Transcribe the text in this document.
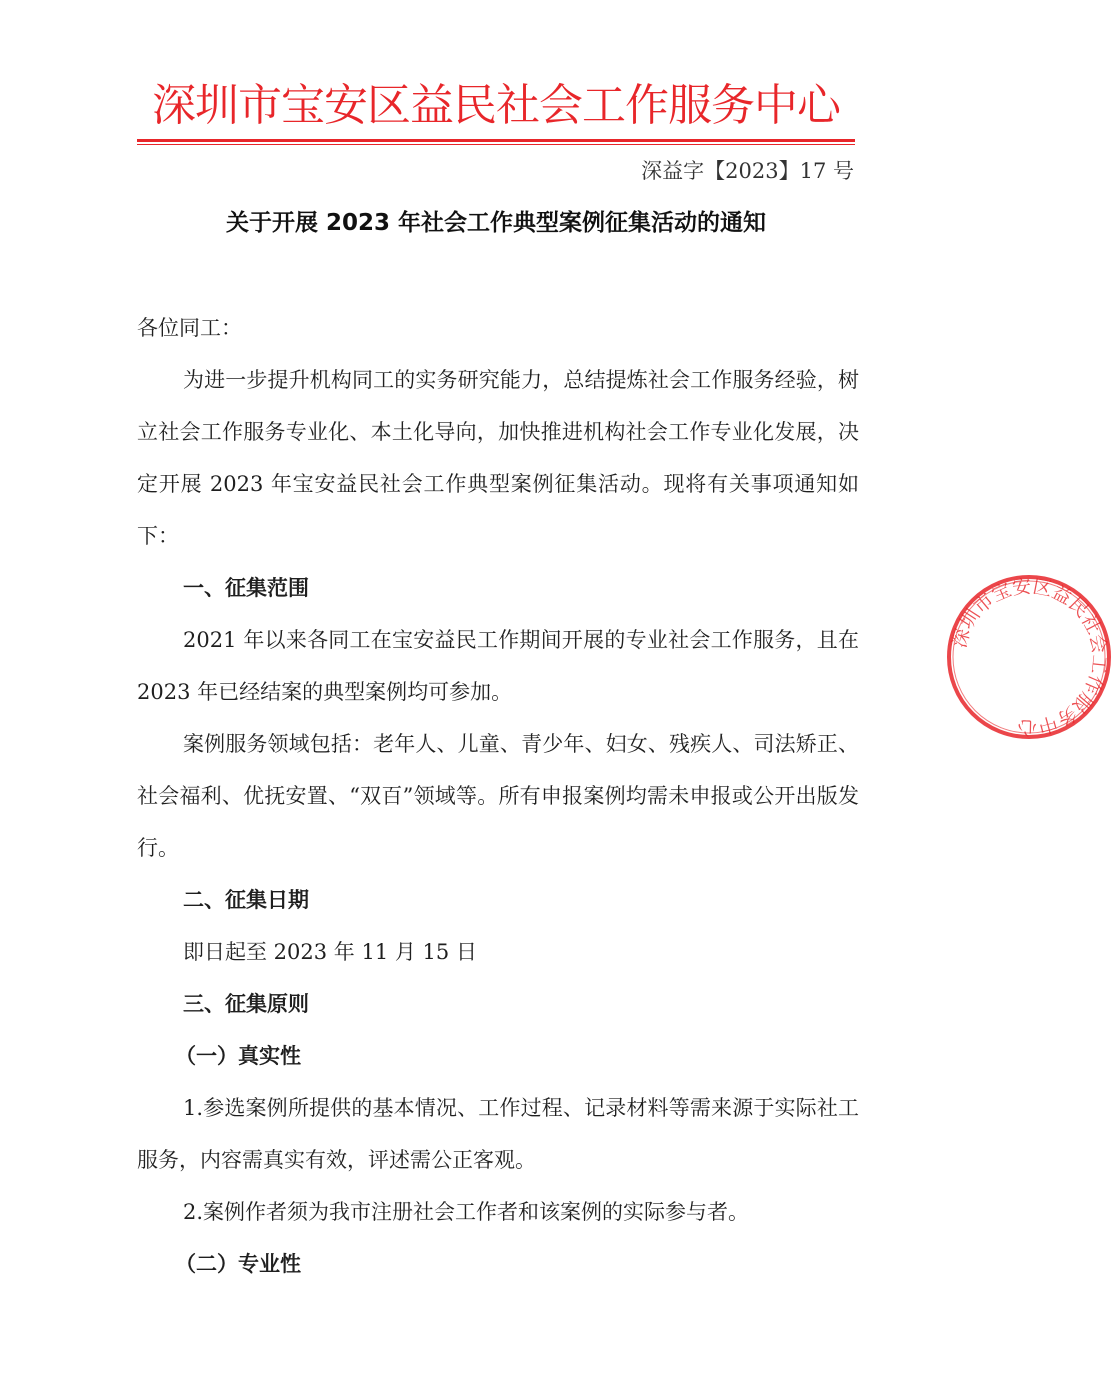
深圳市宝安区益民社会工作服务中心
深益字【2023】17 号
关于开展 2023 年社会工作典型案例征集活动的通知

各位同工：

为进一步提升机构同工的实务研究能力，总结提炼社会工作服务经验，树立社会工作服务专业化、本土化导向，加快推进机构社会工作专业化发展，决定开展 2023 年宝安益民社会工作典型案例征集活动。现将有关事项通知如下：

一、征集范围

2021 年以来各同工在宝安益民工作期间开展的专业社会工作服务，且在 2023 年已经结案的典型案例均可参加。

案例服务领域包括：老年人、儿童、青少年、妇女、残疾人、司法矫正、社会福利、优抚安置、“双百”领域等。所有申报案例均需未申报或公开出版发行。

二、征集日期

即日起至 2023 年 11 月 15 日

三、征集原则

（一）真实性

1.参选案例所提供的基本情况、工作过程、记录材料等需来源于实际社工服务，内容需真实有效，评述需公正客观。

2.案例作者须为我市注册社会工作者和该案例的实际参与者。

（二）专业性

深圳市宝安区益民社会工作服务中心
